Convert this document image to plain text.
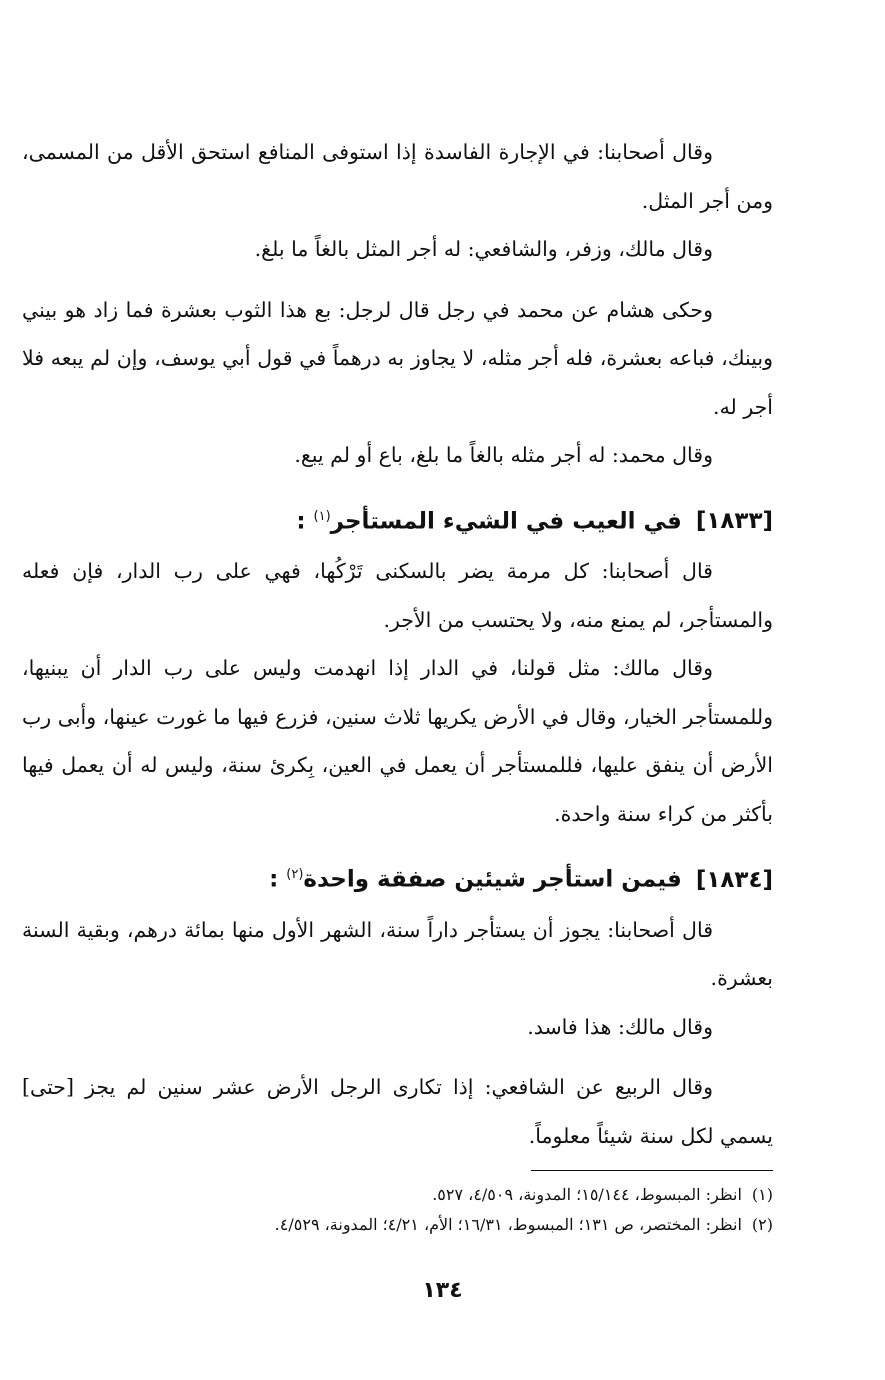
وقال أصحابنا: في الإجارة الفاسدة إذا استوفى المنافع استحق الأقل من المسمى، ومن أجر المثل.

وقال مالك، وزفر، والشافعي: له أجر المثل بالغاً ما بلغ.

وحكى هشام عن محمد في رجل قال لرجل: بع هذا الثوب بعشرة فما زاد هو بيني وبينك، فباعه بعشرة، فله أجر مثله، لا يجاوز به درهماً في قول أبي يوسف، وإن لم يبعه فلا أجر له.

وقال محمد: له أجر مثله بالغاً ما بلغ، باع أو لم يبع.

[١٨٣٣]في العيب في الشيء المستأجر$^{(١)}$ :

قال أصحابنا: كل مرمة يضر بالسكنى تَرْكُها، فهي على رب الدار، فإن فعله والمستأجر، لم يمنع منه، ولا يحتسب من الأجر.

وقال مالك: مثل قولنا، في الدار إذا انهدمت وليس على رب الدار أن يبنيها، وللمستأجر الخيار، وقال في الأرض يكريها ثلاث سنين، فزرع فيها ما غورت عينها، وأبى رب الأرض أن ينفق عليها، فللمستأجر أن يعمل في العين، بِكرئ سنة، وليس له أن يعمل فيها بأكثر من كراء سنة واحدة.

[١٨٣٤]فيمن استأجر شيئين صفقة واحدة$^{(٢)}$ :

قال أصحابنا: يجوز أن يستأجر داراً سنة، الشهر الأول منها بمائة درهم، وبقية السنة بعشرة.

وقال مالك: هذا فاسد.

وقال الربيع عن الشافعي: إذا تكارى الرجل الأرض عشر سنين لم يجز [حتى] يسمي لكل سنة شيئاً معلوماً.

(١)انظر: المبسوط، ١٥/١٤٤؛ المدونة، ٤/٥٠٩، ٥٢٧.
(٢)انظر: المختصر، ص ١٣١؛ المبسوط، ١٦/٣١؛ الأم، ٤/٢١؛ المدونة، ٤/٥٢٩.
١٣٤
